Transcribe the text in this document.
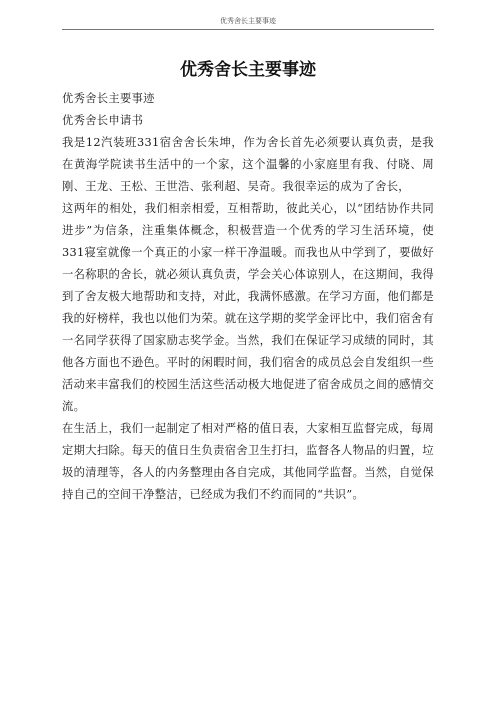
优秀舍长主要事迹
优秀舍长主要事迹

优秀舍长主要事迹

优秀舍长申请书

我是12汽装班331宿舍舍长朱坤，作为舍长首先必须要认真负责，是我在黄海学院读书生活中的一个家，这个温馨的小家庭里有我、付晓、周刚、王龙、王松、王世浩、张利超、吴奇。我很幸运的成为了舍长，

这两年的相处，我们相亲相爱，互相帮助，彼此关心，以“团结协作共同进步”为信条，注重集体概念，积极营造一个优秀的学习生活环境，使331寝室就像一个真正的小家一样干净温暖。而我也从中学到了，要做好一名称职的舍长，就必须认真负责，学会关心体谅别人，在这期间，我得到了舍友极大地帮助和支持，对此，我满怀感激。在学习方面，他们都是我的好榜样，我也以他们为荣。就在这学期的奖学金评比中，我们宿舍有一名同学获得了国家励志奖学金。当然，我们在保证学习成绩的同时，其他各方面也不逊色。平时的闲暇时间，我们宿舍的成员总会自发组织一些活动来丰富我们的校园生活这些活动极大地促进了宿舍成员之间的感情交流。

在生活上，我们一起制定了相对严格的值日表，大家相互监督完成，每周定期大扫除。每天的值日生负责宿舍卫生打扫，监督各人物品的归置，垃圾的清理等，各人的内务整理由各自完成，其他同学监督。当然，自觉保持自己的空间干净整洁，已经成为我们不约而同的“共识”。
